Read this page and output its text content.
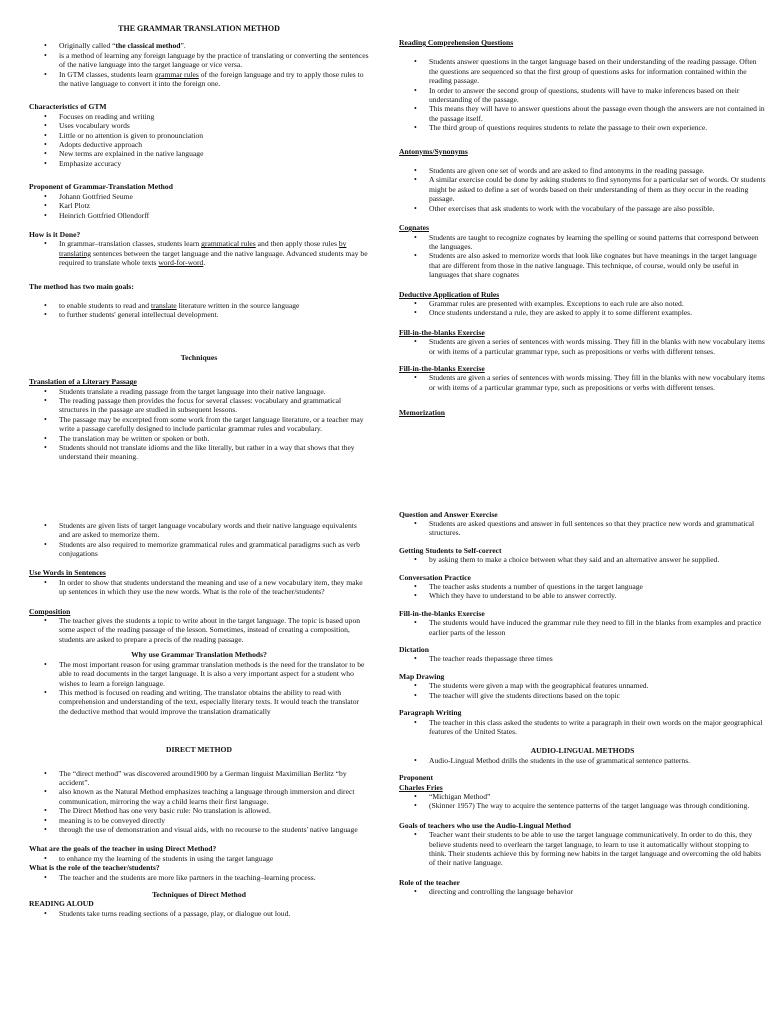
THE GRAMMAR TRANSLATION METHOD

• Originally called “the classical method”.
• is a method of learning any foreign language by the practice of translating or converting the sentences of the native language into the target language or vice versa.
• In GTM classes, students learn grammar rules of the foreign language and try to apply those rules to the native language to convert it into the foreign one.

Characteristics of GTM

• Focuses on reading and writing
• Uses vocabulary words
• Little or no attention is given to pronounciation
• Adopts deductive approach
• New terms are explained in the native language
• Emphasize accuracy

Proponent of Grammar-Translation Method

• Johann Gottfried Seume
• Karl Plotz
• Heinrich Gottfried Ollendorff

How is it Done?

• In grammar–translation classes, students learn grammatical rules and then apply those rules by translating sentences between the target language and the native language. Advanced students may be required to translate whole texts word-for-word.

The method has two main goals:

• to enable students to read and translate literature written in the source language
• to further students' general intellectual development.

Techniques

Translation of a Literary Passage

• Students translate a reading passage from the target language into their native language.
• The reading passage then provides the focus for several classes: vocabulary and grammatical structures in the passage are studied in subsequent lessons.
• The passage may be excerpted from some work from the target language literature, or a teacher may write a passage carefully designed to include particular grammar rules and vocabulary.
• The translation may be written or spoken or both.
• Students should not translate idioms and the like literally, but rather in a way that shows that they understand their meaning.
• Students are given lists of target language vocabulary words and their native language equivalents and are asked to memorize them.
• Students are also required to memorize grammatical rules and grammatical paradigms such as verb conjugations

Use Words in Sentences

• In order to show that students understand the meaning and use of a new vocabulary item, they make up sentences in which they use the new words. What is the role of the teacher/students?

Composition

• The teacher gives the students a topic to write about in the target language. The topic is based upon some aspect of the reading passage of the lesson. Sometimes, instead of creating a composition, students are asked to prepare a precis of the reading passage.

Why use Grammar Translation Methods?

• The most important reason for using grammar translation methods is the need for the translator to be able to read documents in the target language. It is also a very important aspect for a student who wishes to learn a foreign language.
• This method is focused on reading and writing. The translator obtains the ability to read with comprehension and understanding of the text, especially literary texts. It would teach the translator the deductive method that would improve the translation dramatically

DIRECT METHOD

• The “direct method” was discovered around1900 by a German linguist Maximilian Berlitz “by accident”.
• also known as the Natural Method emphasizes teaching a language through immersion and direct communication, mirroring the way a child learns their first language.
• The Direct Method has one very basic rule: No translation is allowed.
• meaning is to be conveyed directly
• through the use of demonstration and visual aids, with no recourse to the students' native language

What are the goals of the teacher in using Direct Method?

• to enhance my the learning of the students in using the target language

What is the role of the teacher/students?

• The teacher and the students are more like partners in the teaching–learning process.

Techniques of Direct Method

READING ALOUD

• Students take turns reading sections of a passage, play, or dialogue out loud.

Reading Comprehension Questions

• Students answer questions in the target language based on their understanding of the reading passage. Often the questions are sequenced so that the first group of questions asks for information contained within the reading passage.
• In order to answer the second group of questions, students will have to make inferences based on their understanding of the passage.
• This means they will have to answer questions about the passage even though the answers are not contained in the passage itself.
• The third group of questions requires students to relate the passage to their own experience.

Antonyms/Synonyms

• Students are given one set of words and are asked to find antonyms in the reading passage.
• A similar exercise could be done by asking students to find synonyms for a particular set of words. Or students might be asked to define a set of words based on their understanding of them as they occur in the reading passage.
• Other exercises that ask students to work with the vocabulary of the passage are also possible.

Cognates

• Students are taught to recognize cognates by learning the spelling or sound patterns that correspond between the languages.
• Students are also asked to memorize words that look like cognates but have meanings in the target language that are different from those in the native language. This technique, of course, would only be useful in languages that share cognates

Deductive Application of Rules

• Grammar rules are presented with examples. Exceptions to each rule are also noted.
• Once students understand a rule, they are asked to apply it to some different examples.

Fill-in-the-blanks Exercise

• Students are given a series of sentences with words missing. They fill in the blanks with new vocabulary items or with items of a particular grammar type, such as prepositions or verbs with different tenses.

Fill-in-the-blanks Exercise

• Students are given a series of sentences with words missing. They fill in the blanks with new vocabulary items or with items of a particular grammar type, such as prepositions or verbs with different tenses.

Memorization

Question and Answer Exercise

• Students are asked questions and answer in full sentences so that they practice new words and grammatical structures.

Getting Students to Self-correct

• by asking them to make a choice between what they said and an alternative answer he supplied.

Conversation Practice

• The teacher asks students a number of questions in the target language
• Which they have to understand to be able to answer correctly.

Fill-in-the-blanks Exercise

• The students would have induced the grammar rule they need to fill in the blanks from examples and practice earlier parts of the lesson

Dictation

• The teacher reads thepassage three times

Map Drawing

• The students were given a map with the geographical features unnamed.
• The teacher will give the students directions based on the topic

Paragraph Writing

• The teacher in this class asked the students to write a paragraph in their own words on the major geographical features of the United States.

AUDIO-LINGUAL METHODS

• Audio-Lingual Method drills the students in the use of grammatical sentence patterns.

Proponent

Charles Fries

• “Michigan Method”
• (Skinner 1957) The way to acquire the sentence patterns of the target language was through conditioning.

Goals of teachers who use the Audio-Lingual Method

• Teacher want their students to be able to use the target language communicatively. In order to do this, they believe students need to overlearn the target language, to learn to use it automatically without stopping to think. Their students achieve this by forming new habits in the target language and overcoming the old habits of their native language.

Role of the teacher

• directing and controlling the language behavior
